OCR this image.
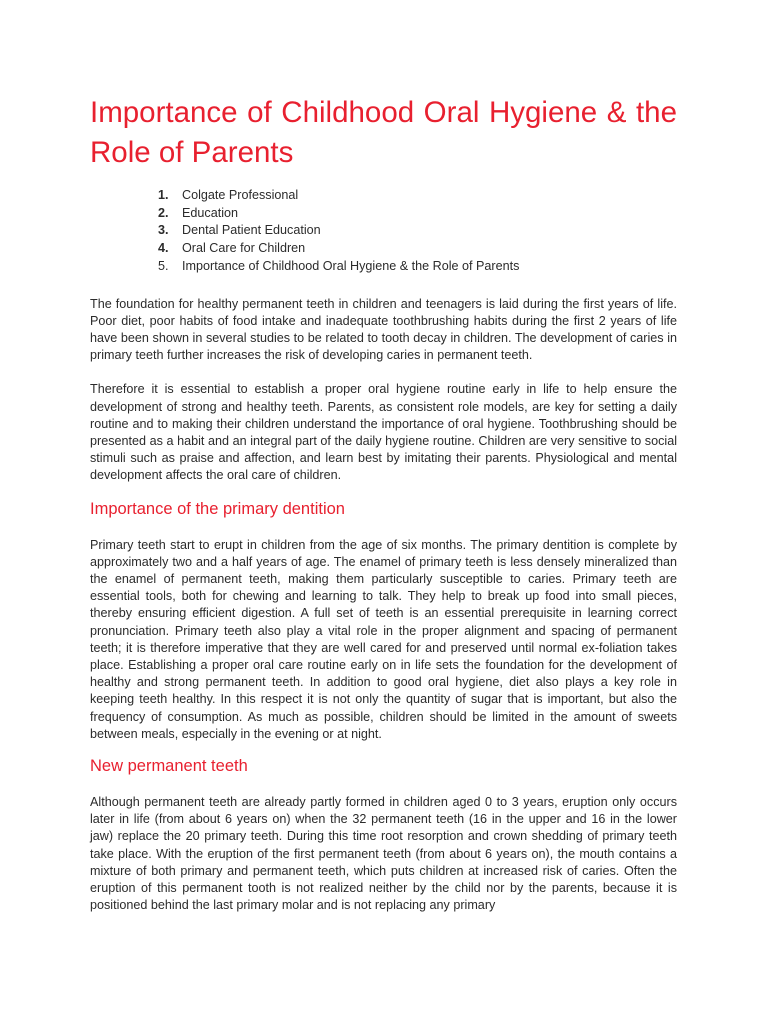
Importance of Childhood Oral Hygiene & the Role of Parents
1.	Colgate Professional
2.	Education
3.	Dental Patient Education
4.	Oral Care for Children
5.	Importance of Childhood Oral Hygiene & the Role of Parents

The foundation for healthy permanent teeth in children and teenagers is laid during the first years of life. Poor diet, poor habits of food intake and inadequate toothbrushing habits during the first 2 years of life have been shown in several studies to be related to tooth decay in children. The development of caries in primary teeth further increases the risk of developing caries in permanent teeth.

Therefore it is essential to establish a proper oral hygiene routine early in life to help ensure the development of strong and healthy teeth. Parents, as consistent role models, are key for setting a daily routine and to making their children understand the importance of oral hygiene. Toothbrushing should be presented as a habit and an integral part of the daily hygiene routine. Children are very sensitive to social stimuli such as praise and affection, and learn best by imitating their parents. Physiological and mental development affects the oral care of children.

Importance of the primary dentition

Primary teeth start to erupt in children from the age of six months. The primary dentition is complete by approximately two and a half years of age. The enamel of primary teeth is less densely mineralized than the enamel of permanent teeth, making them particularly susceptible to caries. Primary teeth are essential tools, both for chewing and learning to talk. They help to break up food into small pieces, thereby ensuring efficient digestion. A full set of teeth is an essential prerequisite in learning correct pronunciation. Primary teeth also play a vital role in the proper alignment and spacing of permanent teeth; it is therefore imperative that they are well cared for and preserved until normal ex-foliation takes place. Establishing a proper oral care routine early on in life sets the foundation for the development of healthy and strong permanent teeth. In addition to good oral hygiene, diet also plays a key role in keeping teeth healthy. In this respect it is not only the quantity of sugar that is important, but also the frequency of consumption. As much as possible, children should be limited in the amount of sweets between meals, especially in the evening or at night.

New permanent teeth

Although permanent teeth are already partly formed in children aged 0 to 3 years, eruption only occurs later in life (from about 6 years on) when the 32 permanent teeth (16 in the upper and 16 in the lower jaw) replace the 20 primary teeth. During this time root resorption and crown shedding of primary teeth take place. With the eruption of the first permanent teeth (from about 6 years on), the mouth contains a mixture of both primary and permanent teeth, which puts children at increased risk of caries. Often the eruption of this permanent tooth is not realized neither by the child nor by the parents, because it is positioned behind the last primary molar and is not replacing any primary
